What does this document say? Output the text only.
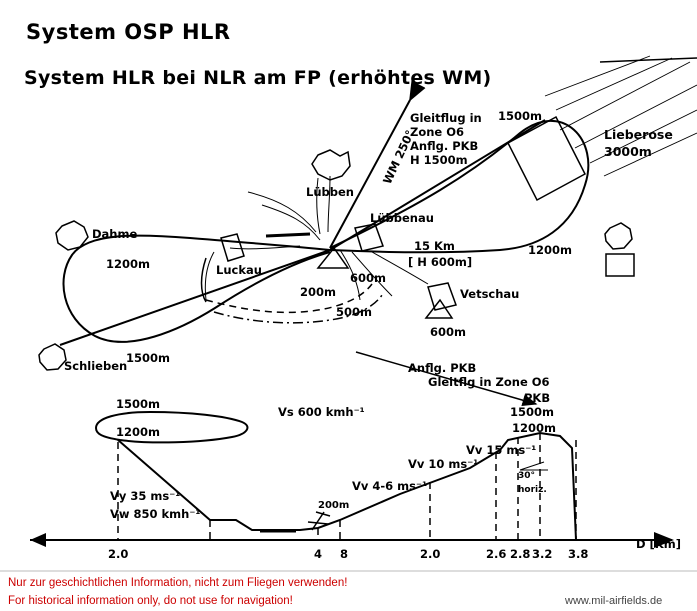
System OSP HLR
System HLR bei NLR am FP (erhöhtes WM)
Gleitflug in
Zone O6
Anflg. PKB
H 1500m
1500m
Lieberose
3000m
WM 250°
Lübben
Lübbenau
Dahme
Luckau
Schlieben
Vetschau
1200m
1200m
1500m
15 Km
[ H 600m]
600m
600m
200m
500m
Anflg. PKB
Gleitflg in Zone O6
PKB
1500m
1500m
1200m	1200m
Vs 600 kmh⁻¹
Vv 15 ms⁻¹
Vv 10 ms⁻¹
Vv 4-6 ms⁻¹
Vy 35 ms⁻¹
Vw 850 kmh⁻¹
200m
30°
horiz.
2.0	4 8	2.0	2.6 2.8 3.2 3.8
D [Km]
Nur zur geschichtlichen Information, nicht zum Fliegen verwenden!
For historical information only, do not use for navigation!	www.mil-airfields.de
